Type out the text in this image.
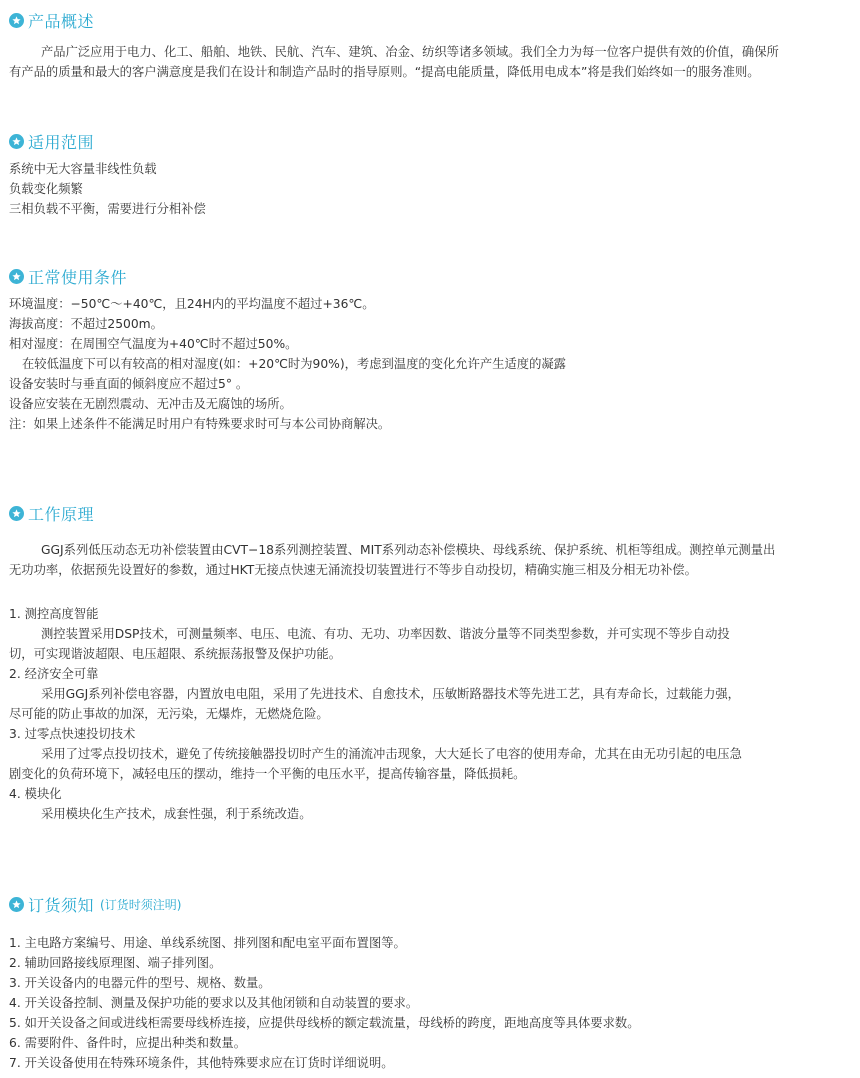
产品概述
产品广泛应用于电力、化工、船舶、地铁、民航、汽车、建筑、冶金、纺织等诸多领域。我们全力为每一位客户提供有效的价值，确保所
有产品的质量和最大的客户满意度是我们在设计和制造产品时的指导原则。“提高电能质量，降低用电成本”将是我们始终如一的服务准则。
适用范围
系统中无大容量非线性负载
负载变化频繁
三相负载不平衡，需要进行分相补偿
正常使用条件
环境温度：−50℃～+40℃，且24H内的平均温度不超过+36℃。
海拔高度：不超过2500m。
相对湿度：在周围空气温度为+40℃时不超过50%。
在较低温度下可以有较高的相对湿度(如：+20℃时为90%)，考虑到温度的变化允许产生适度的凝露
设备安装时与垂直面的倾斜度应不超过5° 。
设备应安装在无剧烈震动、无冲击及无腐蚀的场所。
注：如果上述条件不能满足时用户有特殊要求时可与本公司协商解决。
工作原理
GGJ系列低压动态无功补偿装置由CVT−18系列测控装置、MIT系列动态补偿模块、母线系统、保护系统、机柜等组成。测控单元测量出
无功功率，依据预先设置好的参数，通过HKT无接点快速无涌流投切装置进行不等步自动投切，精确实施三相及分相无功补偿。
1. 测控高度智能
测控装置采用DSP技术，可测量频率、电压、电流、有功、无功、功率因数、谐波分量等不同类型参数，并可实现不等步自动投
切，可实现谐波超限、电压超限、系统振荡报警及保护功能。
2. 经济安全可靠
采用GGJ系列补偿电容器，内置放电电阻，采用了先进技术、自愈技术，压敏断路器技术等先进工艺，具有寿命长，过载能力强，
尽可能的防止事故的加深，无污染，无爆炸，无燃烧危险。
3. 过零点快速投切技术
采用了过零点投切技术，避免了传统接触器投切时产生的涌流冲击现象，大大延长了电容的使用寿命，尤其在由无功引起的电压急
剧变化的负荷环境下，减轻电压的摆动，维持一个平衡的电压水平，提高传输容量，降低损耗。
4. 模块化
采用模块化生产技术，成套性强，利于系统改造。
订货须知 (订货时须注明)
1. 主电路方案编号、用途、单线系统图、排列图和配电室平面布置图等。
2. 辅助回路接线原理图、端子排列图。
3. 开关设备内的电器元件的型号、规格、数量。
4. 开关设备控制、测量及保护功能的要求以及其他闭锁和自动装置的要求。
5. 如开关设备之间或进线柜需要母线桥连接，应提供母线桥的额定载流量，母线桥的跨度，距地高度等具体要求数。
6. 需要附件、备件时，应提出种类和数量。
7. 开关设备使用在特殊环境条件，其他特殊要求应在订货时详细说明。
